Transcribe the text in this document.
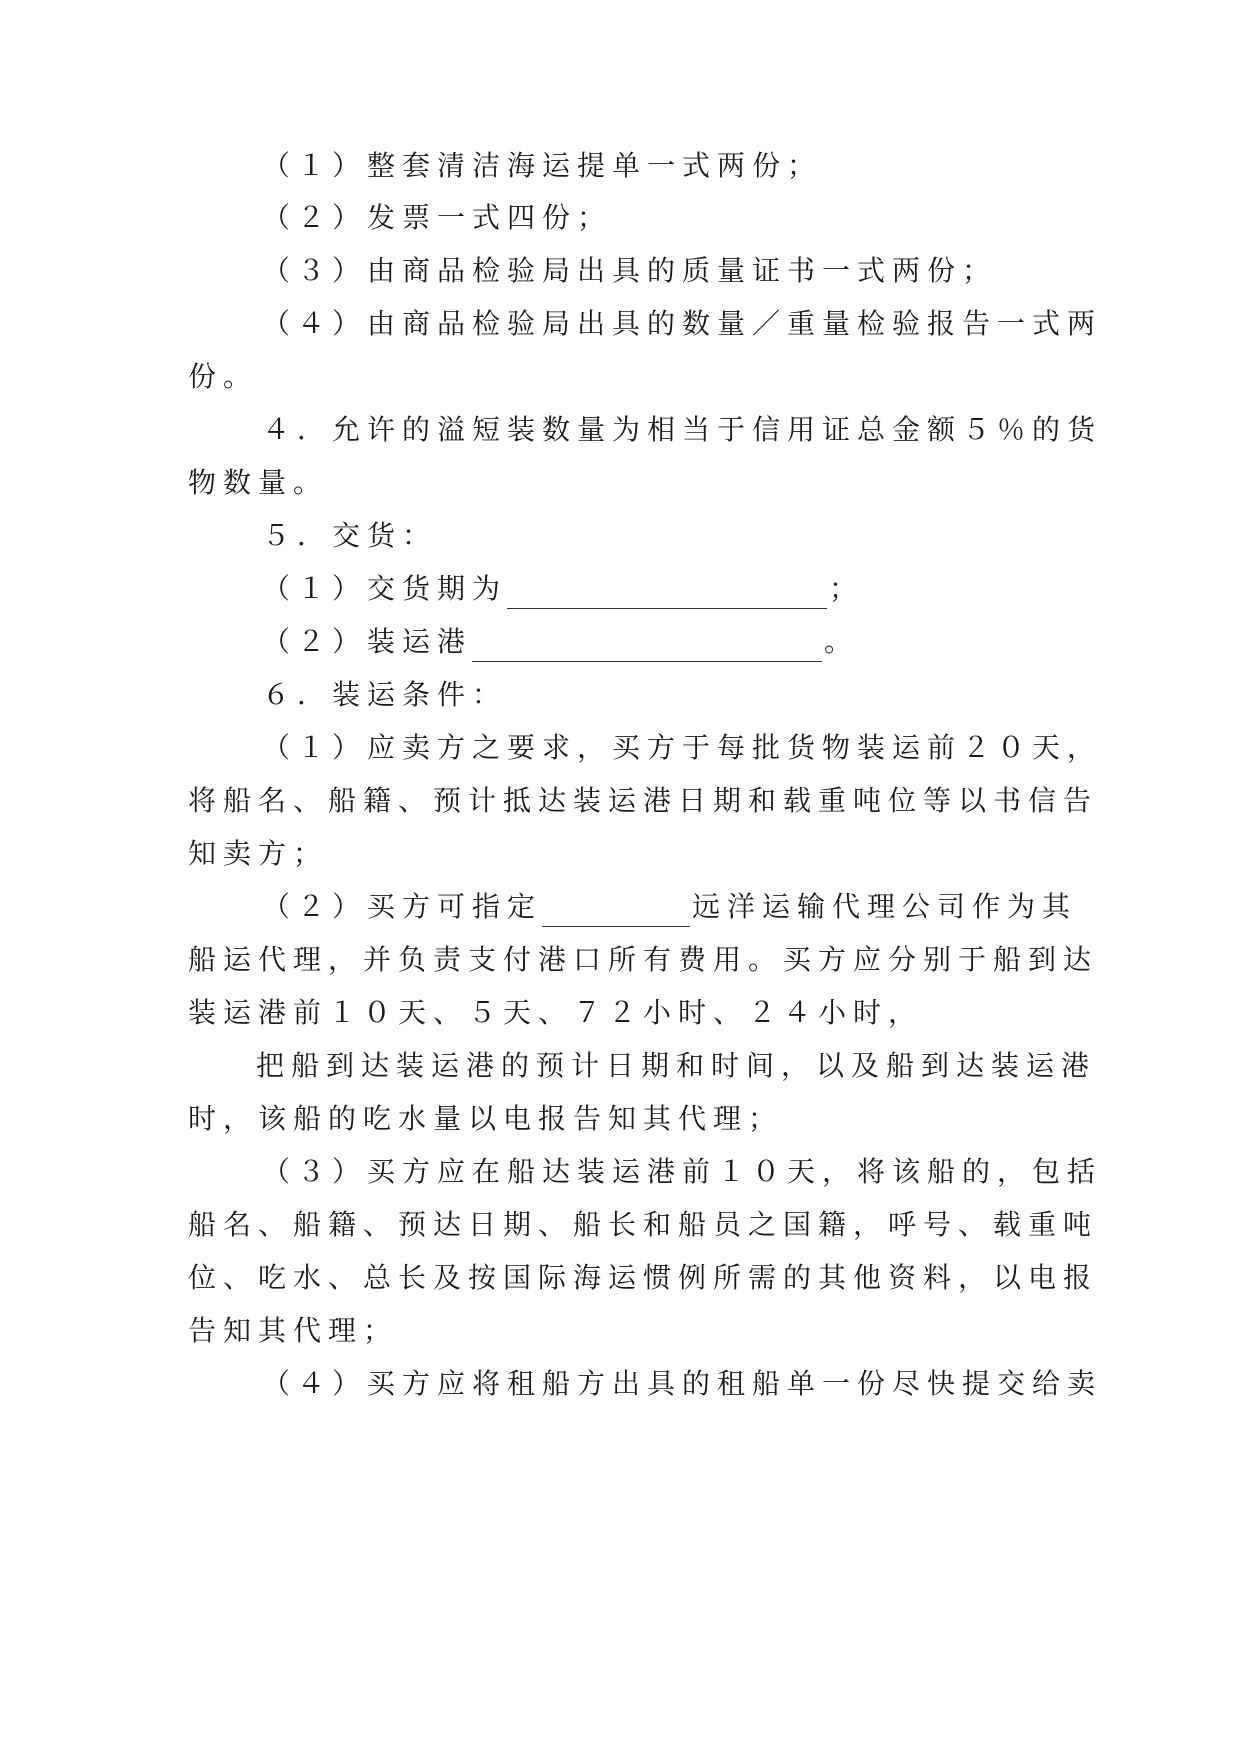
（１）整套清洁海运提单一式两份；
（２）发票一式四份；
（３）由商品检验局出具的质量证书一式两份；
（４）由商品检验局出具的数量／重量检验报告一式两
份。
４．允许的溢短装数量为相当于信用证总金额５％的货
物数量。
５．交货：
（１）交货期为	；
（２）装运港	。
６．装运条件：
（１）应卖方之要求，买方于每批货物装运前２０天，
将船名、船籍、预计抵达装运港日期和载重吨位等以书信告
知卖方；
（２）买方可指定	远洋运输代理公司作为其
船运代理，并负责支付港口所有费用。买方应分别于船到达
装运港前１０天、５天、７２小时、２４小时，
把船到达装运港的预计日期和时间，以及船到达装运港
时，该船的吃水量以电报告知其代理；
（３）买方应在船达装运港前１０天，将该船的，包括
船名、船籍、预达日期、船长和船员之国籍，呼号、载重吨
位、吃水、总长及按国际海运惯例所需的其他资料，以电报
告知其代理；
（４）买方应将租船方出具的租船单一份尽快提交给卖
